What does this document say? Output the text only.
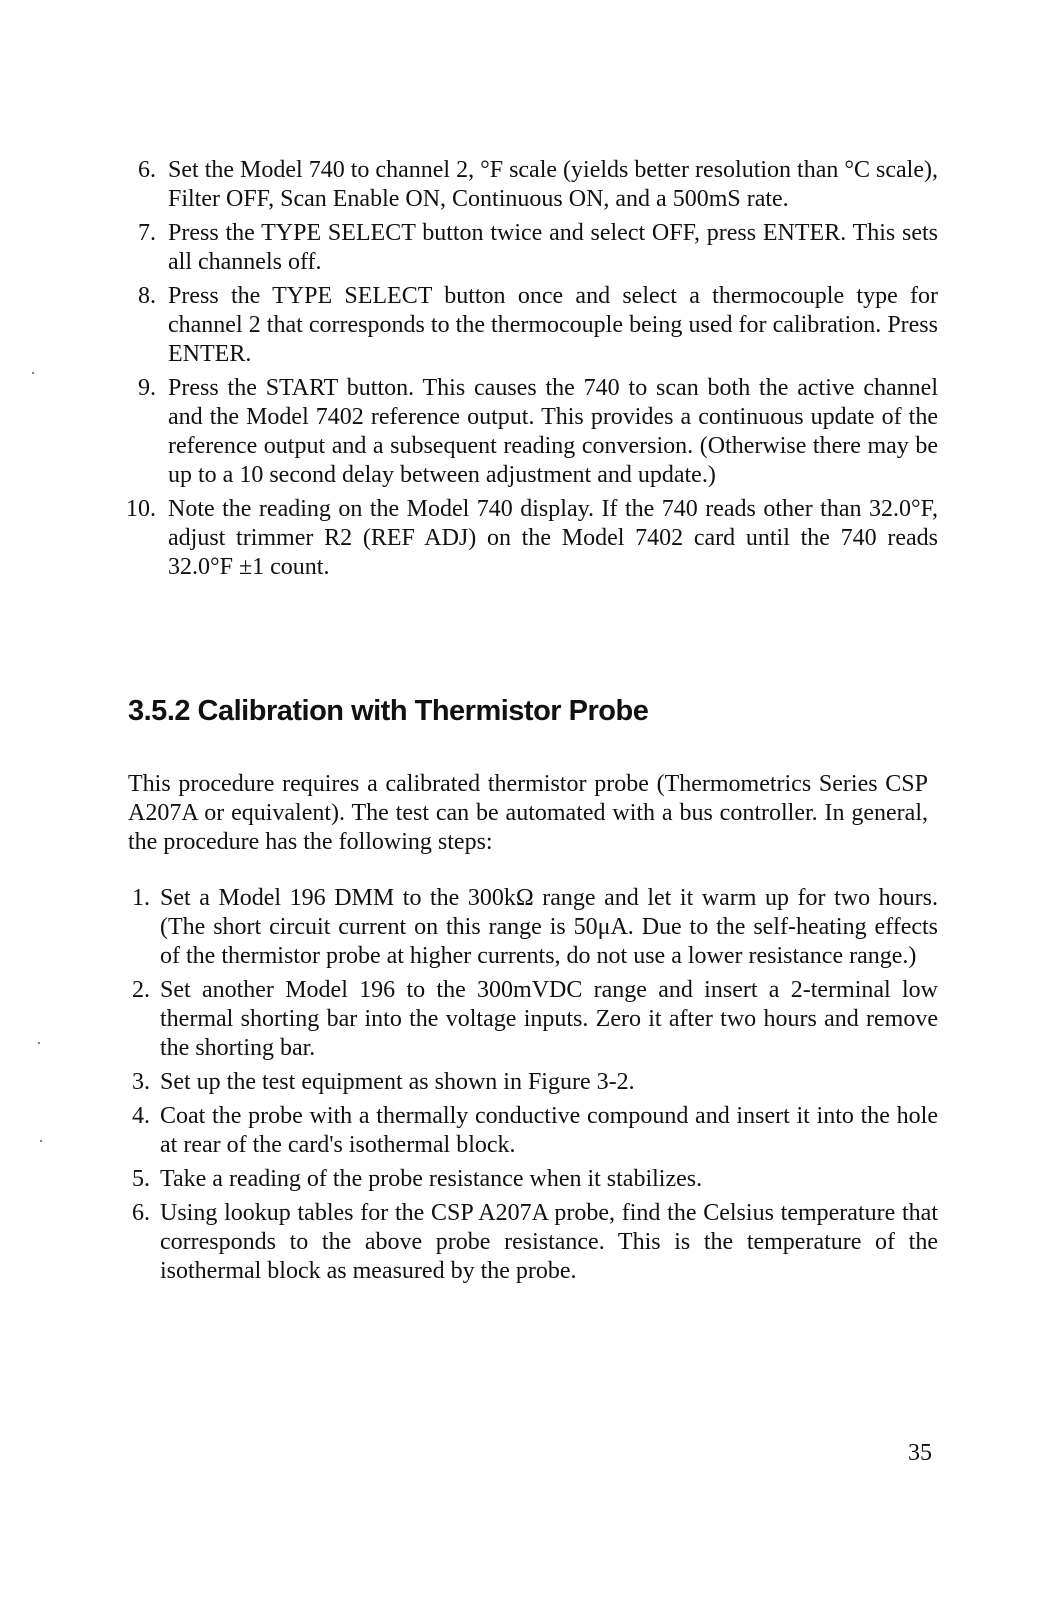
6. Set the Model 740 to channel 2, °F scale (yields better resolution than °C scale), Filter OFF, Scan Enable ON, Continuous ON, and a 500mS rate.
7. Press the TYPE SELECT button twice and select OFF, press ENTER. This sets all channels off.
8. Press the TYPE SELECT button once and select a thermocouple type for channel 2 that corresponds to the thermocouple being used for calibration. Press ENTER.
9. Press the START button. This causes the 740 to scan both the active channel and the Model 7402 reference output. This provides a continuous update of the reference output and a subsequent reading conversion. (Otherwise there may be up to a 10 second delay between adjustment and update.)
10. Note the reading on the Model 740 display. If the 740 reads other than 32.0°F, adjust trimmer R2 (REF ADJ) on the Model 7402 card until the 740 reads 32.0°F ±1 count.
3.5.2 Calibration with Thermistor Probe

This procedure requires a calibrated thermistor probe (Thermometrics Series CSP A207A or equivalent). The test can be automated with a bus controller. In general, the procedure has the following steps:

1. Set a Model 196 DMM to the 300kΩ range and let it warm up for two hours. (The short circuit current on this range is 50μA. Due to the self-heating effects of the thermistor probe at higher currents, do not use a lower resistance range.)
2. Set another Model 196 to the 300mVDC range and insert a 2-terminal low thermal shorting bar into the voltage inputs. Zero it after two hours and remove the shorting bar.
3. Set up the test equipment as shown in Figure 3-2.
4. Coat the probe with a thermally conductive compound and insert it into the hole at rear of the card's isothermal block.
5. Take a reading of the probe resistance when it stabilizes.
6. Using lookup tables for the CSP A207A probe, find the Celsius temperature that corresponds to the above probe resistance. This is the temperature of the isothermal block as measured by the probe.
35
